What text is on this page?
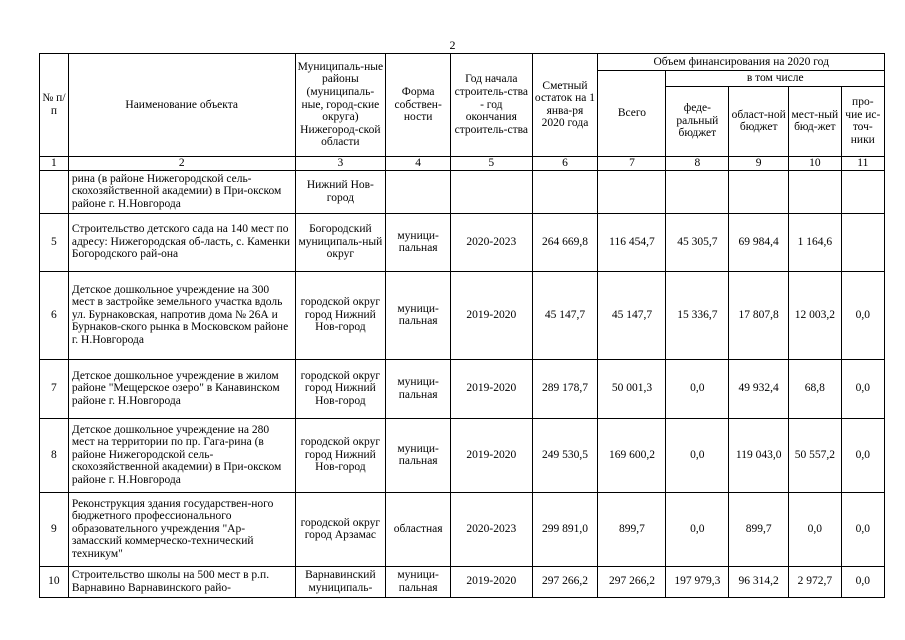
2
№ п/п	Наименование объекта	Муниципаль-ные районы (муниципаль-ные, город-ские округа) Нижегород-ской области	Форма собствен-ности	Год начала строитель-ства - год окончания строитель-ства	Сметный остаток на 1 янва-ря 2020 года	Объем финансирования на 2020 год				
						Всего	в том числе			
							феде-ральный бюджет	област-ной бюджет	мест-ный бюд-жет	про-чие ис-точ-ники
1	2	3	4	5	6	7	8	9	10	11
	рина (в районе Нижегородской сель-скохозяйственной академии) в При-окском районе г. Н.Новгорода	Нижний Нов-город								
5	Строительство детского сада на 140 мест по адресу: Нижегородская об-ласть, с. Каменки Богородского рай-она	Богородский муниципаль-ный округ	муници-пальная	2020-2023	264 669,8	116 454,7	45 305,7	69 984,4	1 164,6	
6	Детское дошкольное учреждение на 300 мест в застройке земельного участка вдоль ул. Бурнаковская, напротив дома № 26А и Бурнаков-ского рынка в Московском районе г. Н.Новгорода	городской округ город Нижний Нов-город	муници-пальная	2019-2020	45 147,7	45 147,7	15 336,7	17 807,8	12 003,2	0,0
7	Детское дошкольное учреждение в жилом районе "Мещерское озеро" в Канавинском районе г. Н.Новгорода	городской округ город Нижний Нов-город	муници-пальная	2019-2020	289 178,7	50 001,3	0,0	49 932,4	68,8	0,0
8	Детское дошкольное учреждение на 280 мест на территории по пр. Гага-рина (в районе Нижегородской сель-скохозяйственной академии) в При-окском районе г. Н.Новгорода	городской округ город Нижний Нов-город	муници-пальная	2019-2020	249 530,5	169 600,2	0,0	119 043,0	50 557,2	0,0
9	Реконструкция здания государствен-ного бюджетного профессионального образовательного учреждения "Ар-замасский коммерческо-технический техникум"	городской округ город Арзамас	областная	2020-2023	299 891,0	899,7	0,0	899,7	0,0	0,0
10	Строительство школы на 500 мест в р.п. Варнавино Варнавинского райо-	Варнавинский муниципаль-	муници-пальная	2019-2020	297 266,2	297 266,2	197 979,3	96 314,2	2 972,7	0,0
